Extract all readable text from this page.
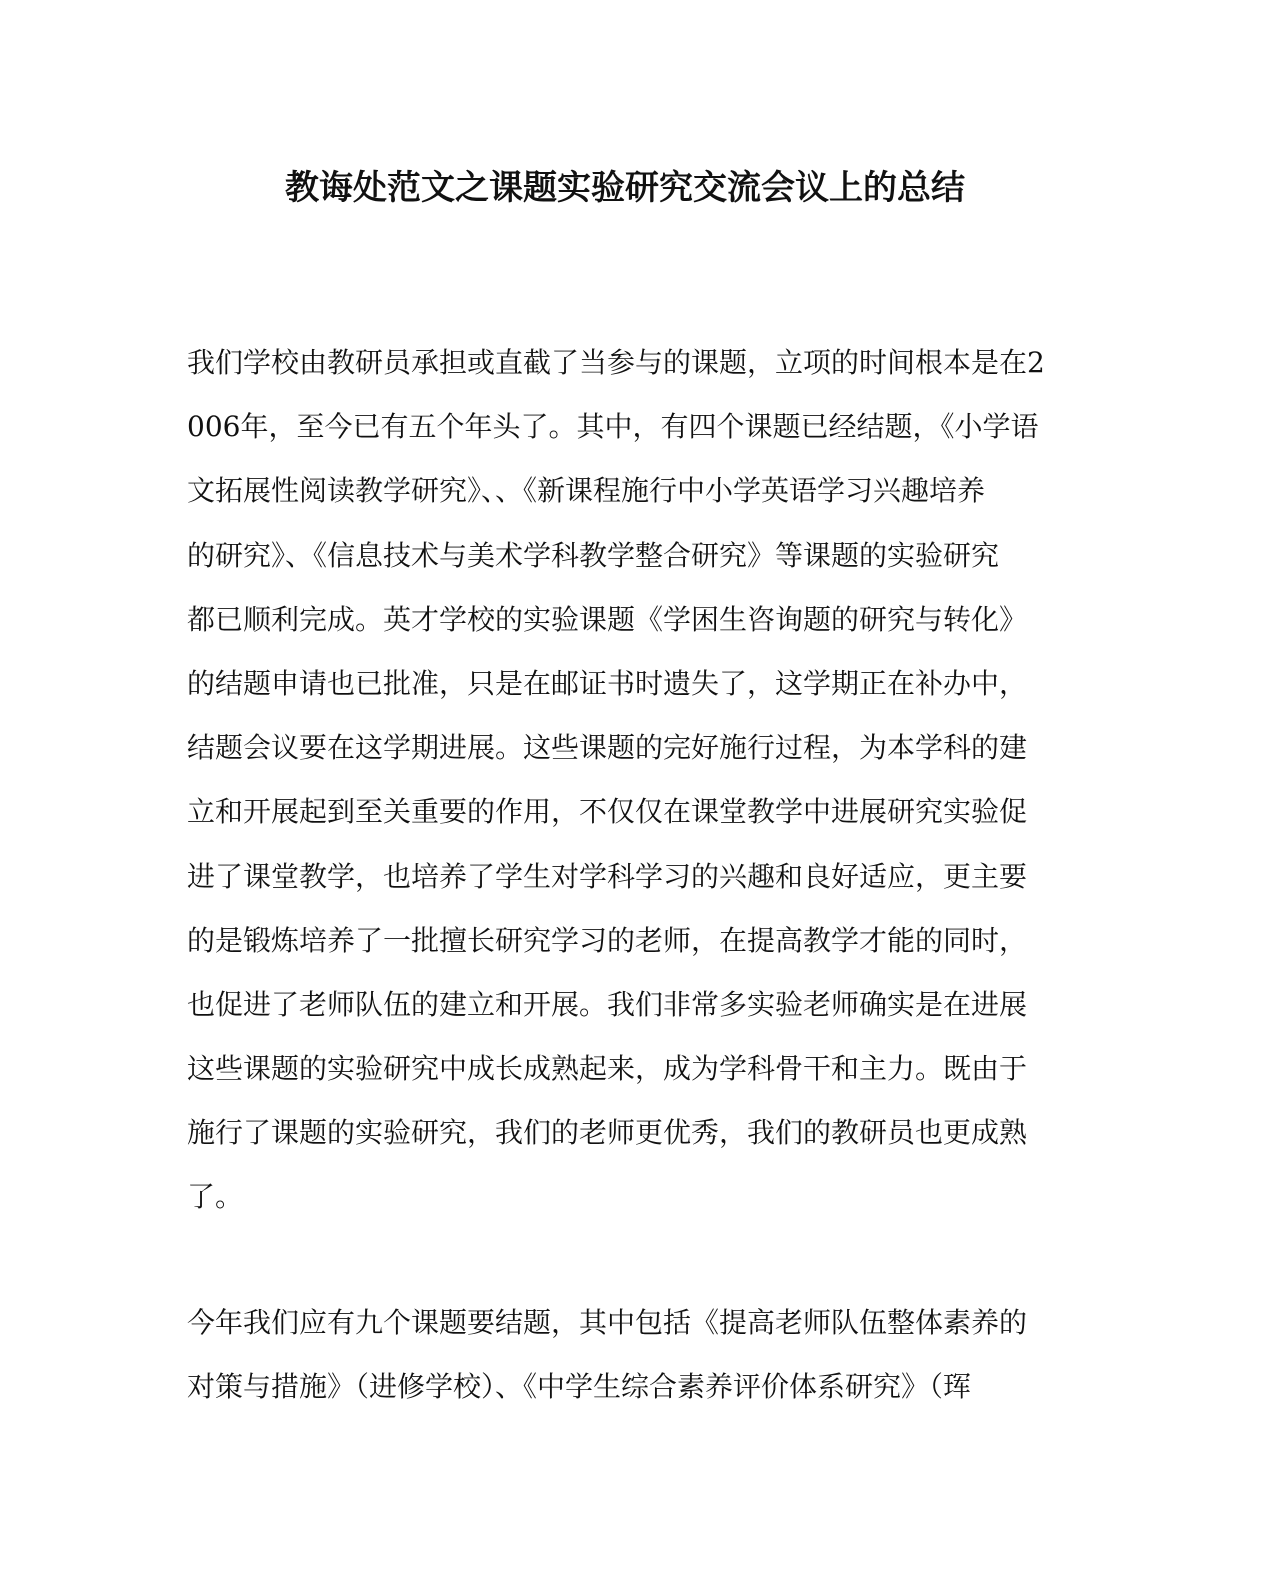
教诲处范文之课题实验研究交流会议上的总结

我们学校由教研员承担或直截了当参与的课题，立项的时间根本是在2
006年，至今已有五个年头了。其中，有四个课题已经结题，《小学语
文拓展性阅读教学研究》、、《新课程施行中小学英语学习兴趣培养
的研究》、《信息技术与美术学科教学整合研究》等课题的实验研究
都已顺利完成。英才学校的实验课题《学困生咨询题的研究与转化》
的结题申请也已批准，只是在邮证书时遗失了，这学期正在补办中，
结题会议要在这学期进展。这些课题的完好施行过程，为本学科的建
立和开展起到至关重要的作用，不仅仅在课堂教学中进展研究实验促
进了课堂教学，也培养了学生对学科学习的兴趣和良好适应，更主要
的是锻炼培养了一批擅长研究学习的老师，在提高教学才能的同时，
也促进了老师队伍的建立和开展。我们非常多实验老师确实是在进展
这些课题的实验研究中成长成熟起来，成为学科骨干和主力。既由于
施行了课题的实验研究，我们的老师更优秀，我们的教研员也更成熟
了。

今年我们应有九个课题要结题，其中包括《提高老师队伍整体素养的
对策与措施》（进修学校）、《中学生综合素养评价体系研究》（珲
